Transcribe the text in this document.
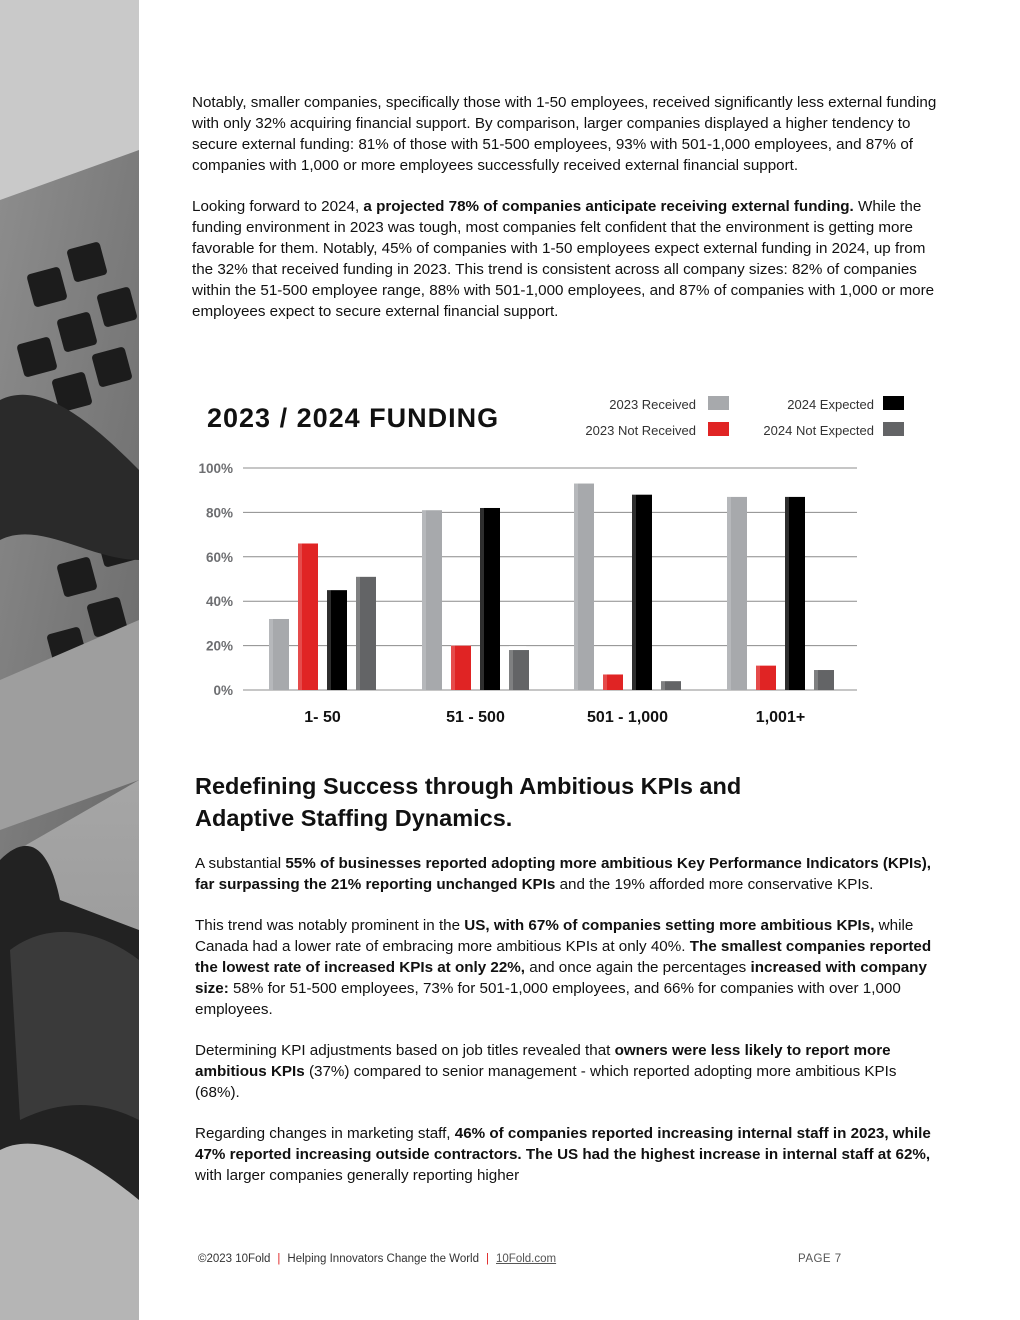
Notably, smaller companies, specifically those with 1-50 employees, received significantly less external funding with only 32% acquiring financial support. By comparison, larger companies displayed a higher tendency to secure external funding: 81% of those with 51-500 employees, 93% with 501-1,000 employees, and 87% of companies with 1,000 or more employees successfully received external financial support.

Looking forward to 2024, a projected 78% of companies anticipate receiving external funding. While the funding environment in 2023 was tough, most companies felt confident that the environment is getting more favorable for them. Notably, 45% of companies with 1-50 employees expect external funding in 2024, up from the 32% that received funding in 2023. This trend is consistent across all company sizes: 82% of companies within the 51-500 employee range, 88% with 501-1,000 employees, and 87% of companies with 1,000 or more employees expect to secure external financial support.

2023 / 2024 FUNDING	2023 Received
2023 Not Received
2024 Expected
2024 Not Expected
0%
20%
40%
60%
80%
100%
1- 50	51 - 500	501 - 1,000	1,001+
Redefining Success through Ambitious KPIs and Adaptive Staffing Dynamics.

A substantial 55% of businesses reported adopting more ambitious Key Performance Indicators (KPIs), far surpassing the 21% reporting unchanged KPIs and the 19% afforded more conservative KPIs.

This trend was notably prominent in the US, with 67% of companies setting more ambitious KPIs, while Canada had a lower rate of embracing more ambitious KPIs at only 40%. The smallest companies reported the lowest rate of increased KPIs at only 22%, and once again the percentages increased with company size: 58% for 51-500 employees, 73% for 501-1,000 employees, and 66% for companies with over 1,000 employees.

Determining KPI adjustments based on job titles revealed that owners were less likely to report more ambitious KPIs (37%) compared to senior management - which reported adopting more ambitious KPIs (68%).

Regarding changes in marketing staff, 46% of companies reported increasing internal staff in 2023, while 47% reported increasing outside contractors. The US had the highest increase in internal staff at 62%, with larger companies generally reporting higher

©2023 10Fold | Helping Innovators Change the World | 10Fold.com	PAGE 7
